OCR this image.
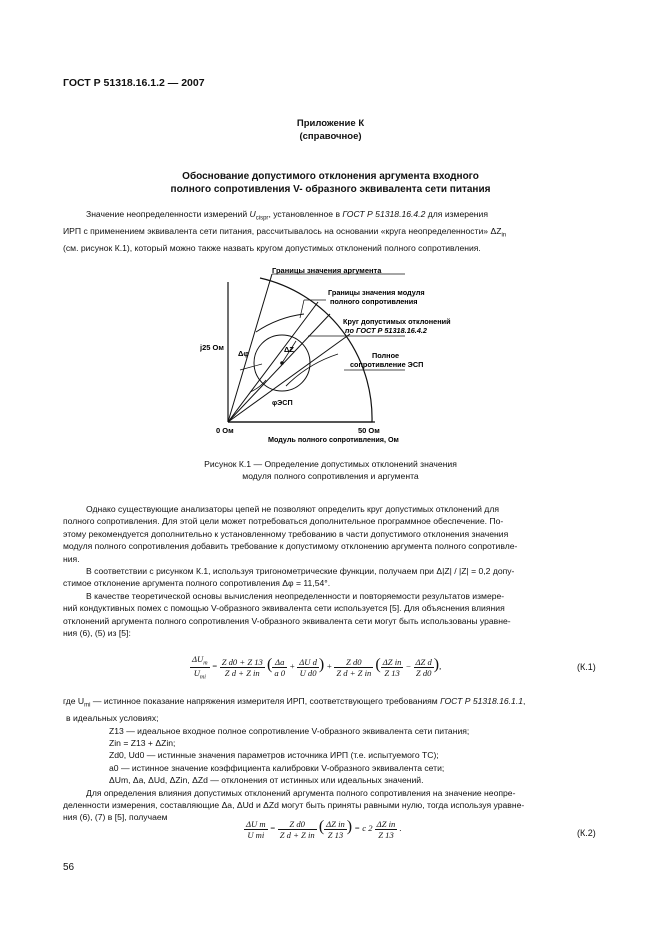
ГОСТ Р 51318.16.1.2 — 2007
Приложение К
(справочное)
Обоснование допустимого отклонения аргумента входного
полного сопротивления V- образного эквивалента сети питания
Значение неопределенности измерений $U_{cispr}$, установленное в ГОСТ Р 51318.16.4.2 для измерения
ИРП с применением эквивалента сети питания, рассчитывалось на основании «круга неопределенности» $\Delta Z_{in}$
(см. рисунок К.1), который можно также назвать кругом допустимых отклонений полного сопротивления.
Границы значения аргумента
Границы значения модуля
полного сопротивления
Круг допустимых отклонений
по ГОСТ Р 51318.16.4.2
Полное
сопротивление ЭСП
j25 Ом
0 Ом	50 Ом
Модуль полного сопротивления, Ом
Δφ	ΔZ
φЭСП
Рисунок К.1 — Определение допустимых отклонений значения
модуля полного сопротивления и аргумента
Однако существующие анализаторы цепей не позволяют определить круг допустимых отклонений для
полного сопротивления. Для этой цели может потребоваться дополнительное программное обеспечение. По-
этому рекомендуется дополнительно к установленному требованию в части допустимого отклонения значения
модуля полного сопротивления добавить требование к допустимому отклонению аргумента полного сопротивле-
ния.
В соответствии с рисунком К.1, используя тригонометрические функции, получаем при Δ|Z| / |Z| = 0,2 допу-
стимое отклонение аргумента полного сопротивления Δφ = 11,54°.
В качестве теоретической основы вычисления неопределенности и повторяемости результатов измере-
ний кондуктивных помех с помощью V-образного эквивалента сети используется [5]. Для объяснения влияния
отклонений аргумента полного сопротивления V-образного эквивалента сети могут быть использованы уравне-
ния (6), (5) из [5]:
$\frac{\Delta U_m}{U_{mi}} = \frac{\text{Z d0 + Z 13}}{\text{Z d + Z in}}$ ( $\frac{\Delta a}{a 0} + \frac{\text{ΔU d}}{\text{U d0}}$ ) + $\frac{\text{Z d0}}{\text{Z d + Z in}}$ ( $\frac{\text{ΔZ in}}{Z 13} - \frac{\text{ΔZ d}}{\text{Z d0}}$ ),	(К.1)
где $U_{mi}$ — истинное показание напряжения измерителя ИРП, соответствующего требованиям ГОСТ Р 51318.16.1.1,
в идеальных условиях;
Z13 — идеальное входное полное сопротивление V-образного эквивалента сети питания;
Zin = Z13 + ΔZin;
Zd0, Ud0 — истинные значения параметров источника ИРП (т.е. испытуемого ТС);
a0 — истинное значение коэффициента калибровки V-образного эквивалента сети;
ΔUm, Δa, ΔUd, ΔZin, ΔZd — отклонения от истинных или идеальных значений.
Для определения влияния допустимых отклонений аргумента полного сопротивления на значение неопре-
деленности измерения, составляющие Δa, ΔUd и ΔZd могут быть приняты равными нулю, тогда используя уравне-
ния (6), (7) в [5], получаем
$\frac{\text{ΔU m}}{\text{U mi}} = \frac{\text{Z d0}}{\text{Z d + Z in}}$ ( $\frac{\text{ΔZ in}}{Z 13}$ ) = c $2 \frac{\text{ΔZ in}}{Z 13}$ .	(К.2)
56
